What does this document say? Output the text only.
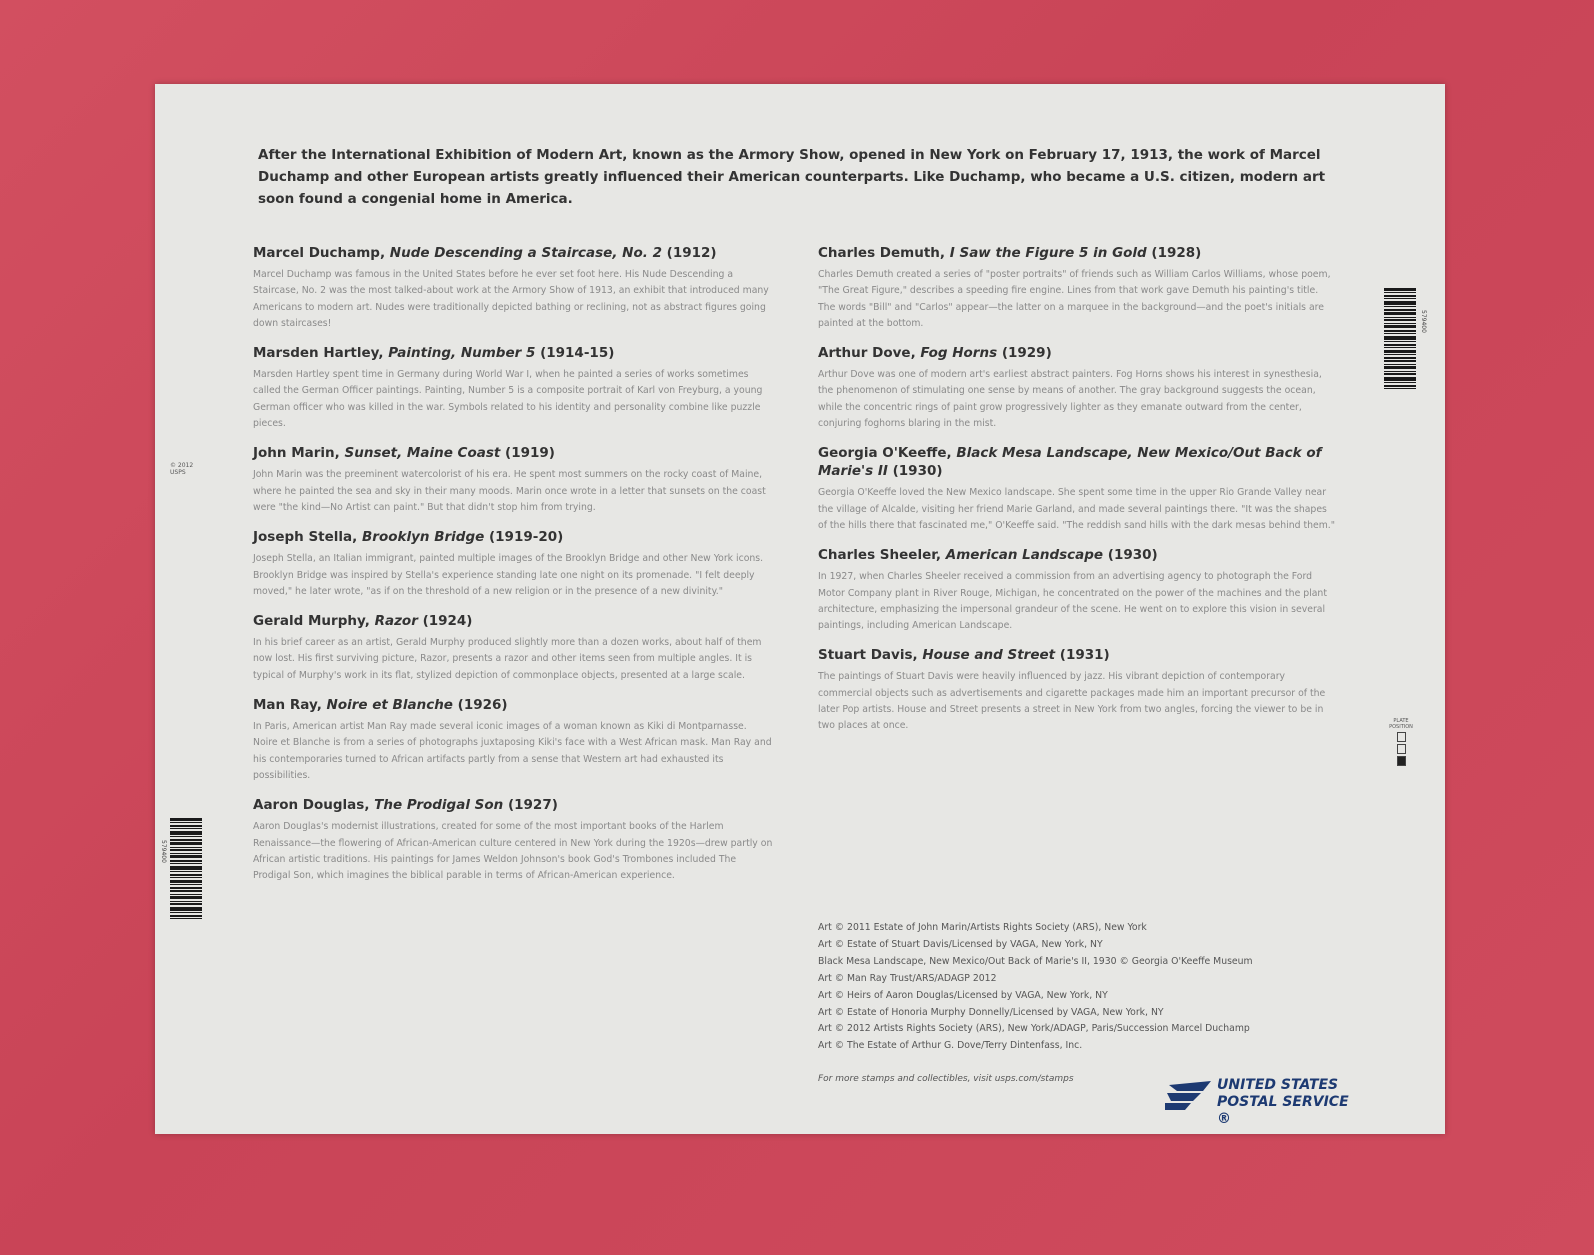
After the International Exhibition of Modern Art, known as the Armory Show, opened in New York on February 17, 1913, the work of Marcel Duchamp and other European artists greatly influenced their American counterparts. Like Duchamp, who became a U.S. citizen, modern art soon found a congenial home in America.
Marcel Duchamp, Nude Descending a Staircase, No. 2 (1912)

Marcel Duchamp was famous in the United States before he ever set foot here. His Nude Descending a Staircase, No. 2 was the most talked-about work at the Armory Show of 1913, an exhibit that introduced many Americans to modern art. Nudes were traditionally depicted bathing or reclining, not as abstract figures going down staircases!

Marsden Hartley, Painting, Number 5 (1914-15)

Marsden Hartley spent time in Germany during World War I, when he painted a series of works sometimes called the German Officer paintings. Painting, Number 5 is a composite portrait of Karl von Freyburg, a young German officer who was killed in the war. Symbols related to his identity and personality combine like puzzle pieces.

John Marin, Sunset, Maine Coast (1919)

John Marin was the preeminent watercolorist of his era. He spent most summers on the rocky coast of Maine, where he painted the sea and sky in their many moods. Marin once wrote in a letter that sunsets on the coast were "the kind—No Artist can paint." But that didn't stop him from trying.

Joseph Stella, Brooklyn Bridge (1919-20)

Joseph Stella, an Italian immigrant, painted multiple images of the Brooklyn Bridge and other New York icons. Brooklyn Bridge was inspired by Stella's experience standing late one night on its promenade. "I felt deeply moved," he later wrote, "as if on the threshold of a new religion or in the presence of a new divinity."

Gerald Murphy, Razor (1924)

In his brief career as an artist, Gerald Murphy produced slightly more than a dozen works, about half of them now lost. His first surviving picture, Razor, presents a razor and other items seen from multiple angles. It is typical of Murphy's work in its flat, stylized depiction of commonplace objects, presented at a large scale.

Man Ray, Noire et Blanche (1926)

In Paris, American artist Man Ray made several iconic images of a woman known as Kiki di Montparnasse. Noire et Blanche is from a series of photographs juxtaposing Kiki's face with a West African mask. Man Ray and his contemporaries turned to African artifacts partly from a sense that Western art had exhausted its possibilities.

Aaron Douglas, The Prodigal Son (1927)

Aaron Douglas's modernist illustrations, created for some of the most important books of the Harlem Renaissance—the flowering of African-American culture centered in New York during the 1920s—drew partly on African artistic traditions. His paintings for James Weldon Johnson's book God's Trombones included The Prodigal Son, which imagines the biblical parable in terms of African-American experience.

Charles Demuth, I Saw the Figure 5 in Gold (1928)

Charles Demuth created a series of "poster portraits" of friends such as William Carlos Williams, whose poem, "The Great Figure," describes a speeding fire engine. Lines from that work gave Demuth his painting's title. The words "Bill" and "Carlos" appear—the latter on a marquee in the background—and the poet's initials are painted at the bottom.

Arthur Dove, Fog Horns (1929)

Arthur Dove was one of modern art's earliest abstract painters. Fog Horns shows his interest in synesthesia, the phenomenon of stimulating one sense by means of another. The gray background suggests the ocean, while the concentric rings of paint grow progressively lighter as they emanate outward from the center, conjuring foghorns blaring in the mist.

Georgia O'Keeffe, Black Mesa Landscape, New Mexico/Out Back of Marie's II (1930)

Georgia O'Keeffe loved the New Mexico landscape. She spent some time in the upper Rio Grande Valley near the village of Alcalde, visiting her friend Marie Garland, and made several paintings there. "It was the shapes of the hills there that fascinated me," O'Keeffe said. "The reddish sand hills with the dark mesas behind them."

Charles Sheeler, American Landscape (1930)

In 1927, when Charles Sheeler received a commission from an advertising agency to photograph the Ford Motor Company plant in River Rouge, Michigan, he concentrated on the power of the machines and the plant architecture, emphasizing the impersonal grandeur of the scene. He went on to explore this vision in several paintings, including American Landscape.

Stuart Davis, House and Street (1931)

The paintings of Stuart Davis were heavily influenced by jazz. His vibrant depiction of contemporary commercial objects such as advertisements and cigarette packages made him an important precursor of the later Pop artists. House and Street presents a street in New York from two angles, forcing the viewer to be in two places at once.

Art © 2011 Estate of John Marin/Artists Rights Society (ARS), New York
Art © Estate of Stuart Davis/Licensed by VAGA, New York, NY
Black Mesa Landscape, New Mexico/Out Back of Marie's II, 1930 © Georgia O'Keeffe Museum
Art © Man Ray Trust/ARS/ADAGP 2012
Art © Heirs of Aaron Douglas/Licensed by VAGA, New York, NY
Art © Estate of Honoria Murphy Donnelly/Licensed by VAGA, New York, NY
Art © 2012 Artists Rights Society (ARS), New York/ADAGP, Paris/Succession Marcel Duchamp
Art © The Estate of Arthur G. Dove/Terry Dintenfass, Inc.
For more stamps and collectibles, visit usps.com/stamps	UNITED STATES
POSTAL SERVICE ®
© 2012
USPS
579400
579400
PLATE
POSITION
